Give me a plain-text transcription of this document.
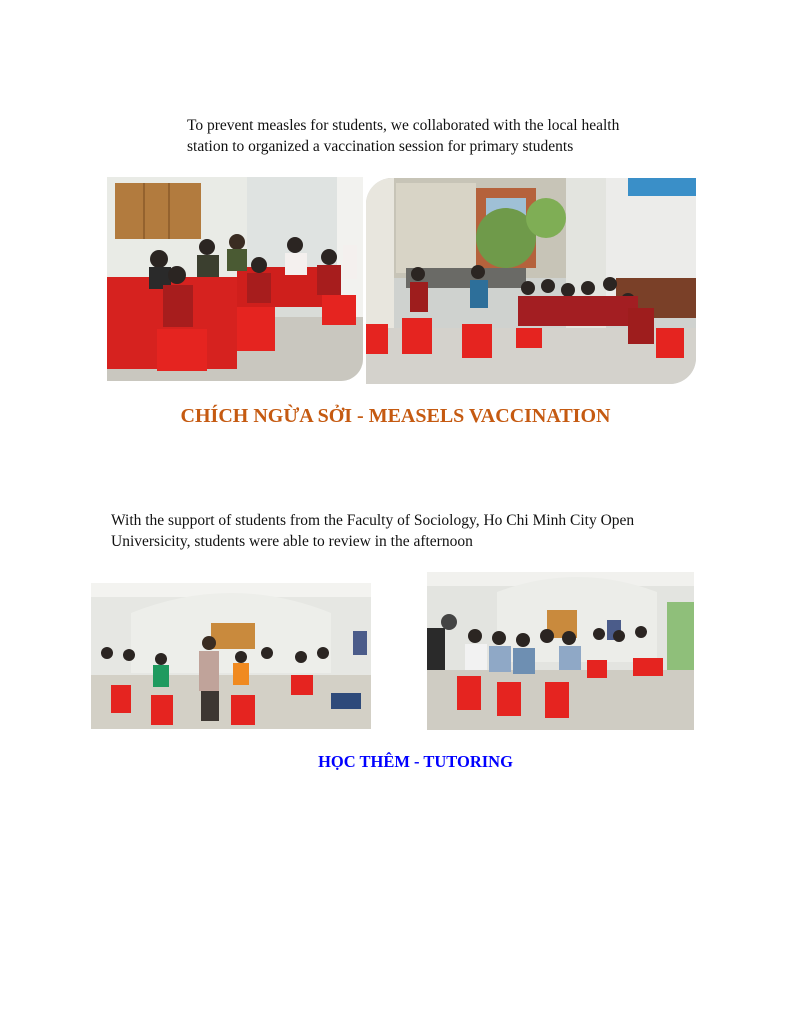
To prevent measles for students, we collaborated with the local health
station to organized a vaccination session for primary students

CHÍCH NGỪA SỞI - MEASELS VACCINATION

With the support of students from the Faculty of Sociology, Ho Chi Minh City Open
Universicity, students were able to review in the afternoon

HỌC THÊM - TUTORING
